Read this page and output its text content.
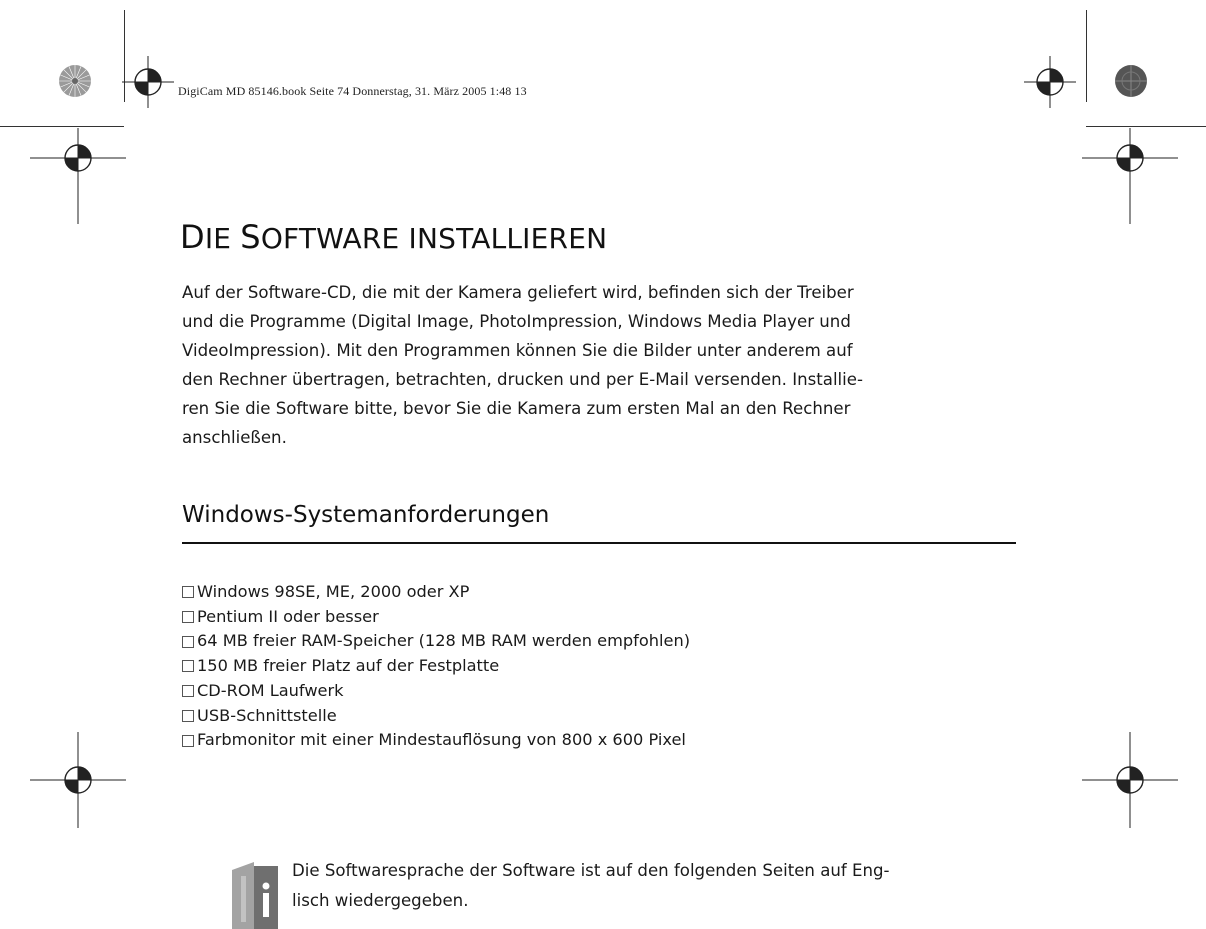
DigiCam MD 85146.book Seite 74 Donnerstag, 31. März 2005 1:48 13
DIE SOFTWARE INSTALLIEREN
Auf der Software-CD, die mit der Kamera geliefert wird, befinden sich der Treiber
und die Programme (Digital Image, PhotoImpression, Windows Media Player und
VideoImpression). Mit den Programmen können Sie die Bilder unter anderem auf
den Rechner übertragen, betrachten, drucken und per E-Mail versenden. Installie-
ren Sie die Software bitte, bevor Sie die Kamera zum ersten Mal an den Rechner
anschließen.
Windows-Systemanforderungen
Windows 98SE, ME, 2000 oder XP
Pentium II oder besser
64 MB freier RAM-Speicher (128 MB RAM werden empfohlen)
150 MB freier Platz auf der Festplatte
CD-ROM Laufwerk
USB-Schnittstelle
Farbmonitor mit einer Mindestauflösung von 800 x 600 Pixel
Die Softwaresprache der Software ist auf den folgenden Seiten auf Eng-
lisch wiedergegeben.
